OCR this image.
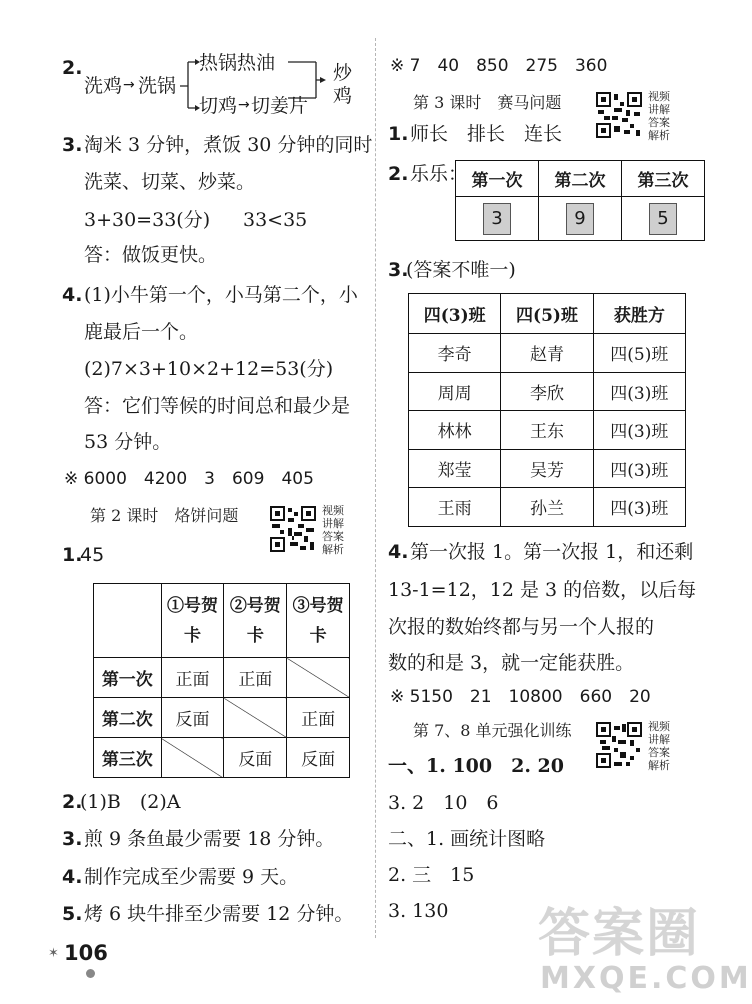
2.
洗鸡 → 洗锅
热锅热油
切鸡 → 切姜片
炒鸡
3. 淘米 3 分钟，煮饭 30 分钟的同时
洗菜、切菜、炒菜。
3+30=33(分) 33<35
答：做饭更快。
4. (1)小牛第一个，小马第二个，小
鹿最后一个。
(2)7×3+10×2+12=53(分)
答：它们等候的时间总和最少是
53 分钟。
※ 6000　4200　3　609　405
第 2 课时　烙饼问题	视频讲解答案解析
1.
45
	①号贺卡	②号贺卡	③号贺卡
第一次	正面	正面	
第二次	反面		正面
第三次		反面	反面
2.
(1)B　(2)A
3. 煎 9 条鱼最少需要 18 分钟。
4. 制作完成至少需要 9 天。
5. 烤 6 块牛排至少需要 12 分钟。
✶ 106
※ 7　40　850　275　360
第 3 课时　赛马问题	视频讲解答案解析
1. 师长　排长　连长
2. 乐乐： 第一次	第二次	第三次
3	9	5
3.
(答案不唯一)
四(3)班	四(5)班	获胜方
李奇	赵青	四(5)班
周周	李欣	四(3)班
林林	王东	四(3)班
郑莹	吴芳	四(3)班
王雨	孙兰	四(3)班
4. 第一次报 1。第一次报 1，和还剩
13-1=12，12 是 3 的倍数，以后每
次报的数始终都与另一个人报的
数的和是 3，就一定能获胜。
※ 5150　21　10800　660　20
第 7、8 单元强化训练	视频讲解答案解析
一、1. 100　2. 20
3. 2　10　6
二、1. 画统计图略
2. 三　15
3. 130 答案圈
MXQE.COM
